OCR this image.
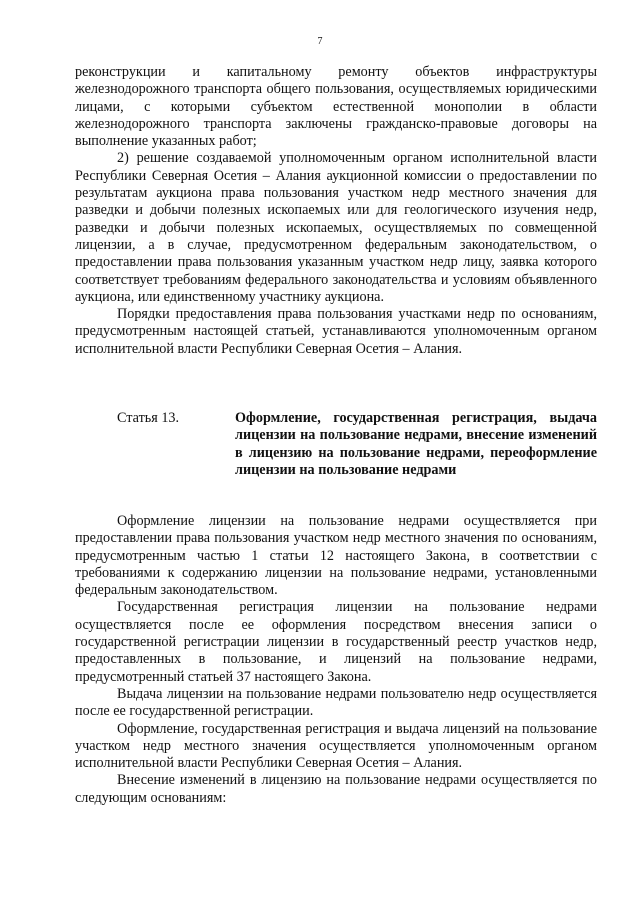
7

реконструкции и капитальному ремонту объектов инфраструктуры железнодорожного транспорта общего пользования, осуществляемых юридическими лицами, с которыми субъектом естественной монополии в области железнодорожного транспорта заключены гражданско-правовые договоры на выполнение указанных работ;

2) решение создаваемой уполномоченным органом исполнительной власти Республики Северная Осетия – Алания аукционной комиссии о предоставлении по результатам аукциона права пользования участком недр местного значения для разведки и добычи полезных ископаемых или для геологического изучения недр, разведки и добычи полезных ископаемых, осуществляемых по совмещенной лицензии, а в случае, предусмотренном федеральным законодательством, о предоставлении права пользования указанным участком недр лицу, заявка которого соответствует требованиям федерального законодательства и условиям объявленного аукциона, или единственному участнику аукциона.

Порядки предоставления права пользования участками недр по основаниям, предусмотренным настоящей статьей, устанавливаются уполномоченным органом исполнительной власти Республики Северная Осетия – Алания.

Статья 13.	Оформление, государственная регистрация, выдача лицензии на пользование недрами, внесение изменений в лицензию на пользование недрами, переоформление лицензии на пользование недрами

Оформление лицензии на пользование недрами осуществляется при предоставлении права пользования участком недр местного значения по основаниям, предусмотренным частью 1 статьи 12 настоящего Закона, в соответствии с требованиями к содержанию лицензии на пользование недрами, установленными федеральным законодательством.

Государственная регистрация лицензии на пользование недрами осуществляется после ее оформления посредством внесения записи о государственной регистрации лицензии в государственный реестр участков недр, предоставленных в пользование, и лицензий на пользование недрами, предусмотренный статьей 37 настоящего Закона.

Выдача лицензии на пользование недрами пользователю недр осуществляется после ее государственной регистрации.

Оформление, государственная регистрация и выдача лицензий на пользование участком недр местного значения осуществляется уполномоченным органом исполнительной власти Республики Северная Осетия – Алания.

Внесение изменений в лицензию на пользование недрами осуществляется по следующим основаниям:
